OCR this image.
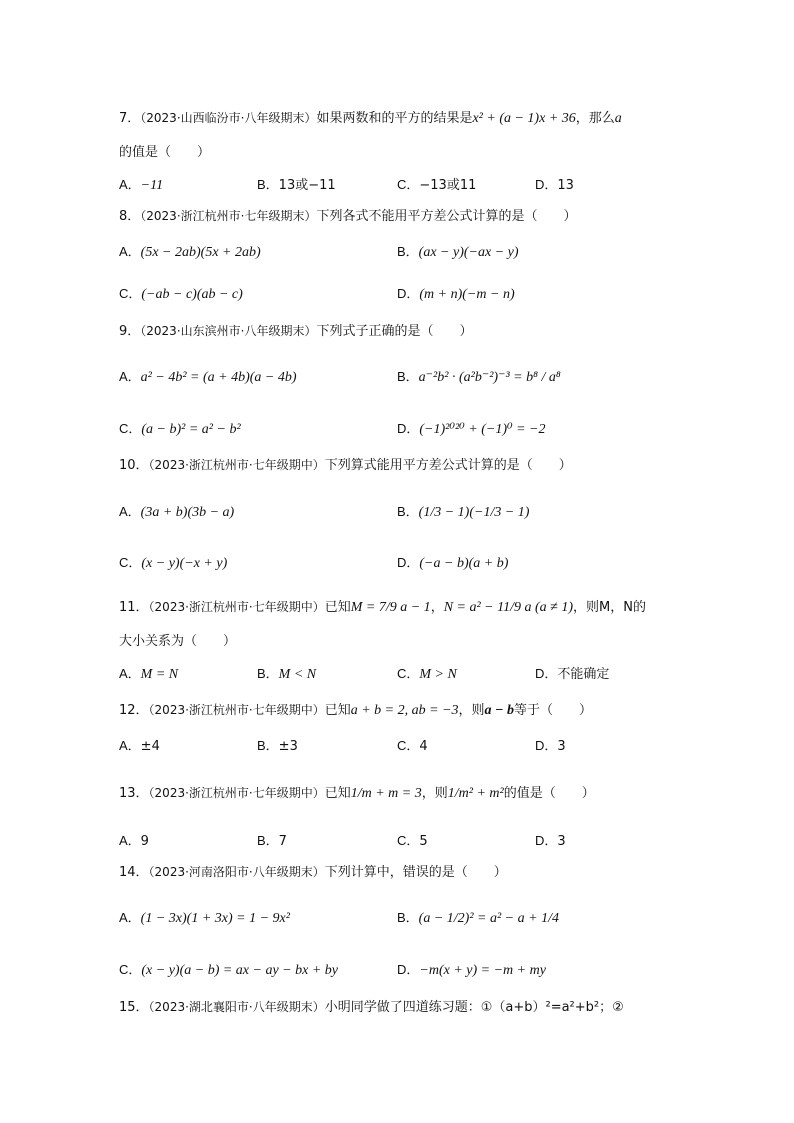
7．（2023·山西临汾市·八年级期末）如果两数和的平方的结果是x² + (a − 1)x + 36，那么a
的值是（　　）
A．−11	B．13或−11	C．−13或11	D．13
8．（2023·浙江杭州市·七年级期末）下列各式不能用平方差公式计算的是（　　）
A．(5x − 2ab)(5x + 2ab)	B．(ax − y)(−ax − y)
C．(−ab − c)(ab − c)	D．(m + n)(−m − n)
9．（2023·山东滨州市·八年级期末）下列式子正确的是（　　）
A．a² − 4b² = (a + 4b)(a − 4b)	B．a⁻²b² · (a²b⁻²)⁻³ = b⁸ / a⁸
C．(a − b)² = a² − b²	D．(−1)²⁰²⁰ + (−1)⁰ = −2
10．（2023·浙江杭州市·七年级期中）下列算式能用平方差公式计算的是（　　）
A．(3a + b)(3b − a)	B．(1/3 − 1)(−1/3 − 1)
C．(x − y)(−x + y)	D．(−a − b)(a + b)
11．（2023·浙江杭州市·七年级期中）已知M = 7/9 a − 1，N = a² − 11/9 a (a ≠ 1)，则M，N的
大小关系为（　　）
A．M = N	B．M < N	C．M > N	D．不能确定
12．（2023·浙江杭州市·七年级期中）已知a + b = 2, ab = −3，则a − b等于（　　）
A．±4	B．±3	C．4	D．3
13．（2023·浙江杭州市·七年级期中）已知1/m + m = 3，则1/m² + m²的值是（　　）
A．9	B．7	C．5	D．3
14．（2023·河南洛阳市·八年级期末）下列计算中，错误的是（　　）
A．(1 − 3x)(1 + 3x) = 1 − 9x²	B．(a − 1/2)² = a² − a + 1/4
C．(x − y)(a − b) = ax − ay − bx + by	D．−m(x + y) = −m + my
15．（2023·湖北襄阳市·八年级期末）小明同学做了四道练习题：①（a+b）²=a²+b²；②
